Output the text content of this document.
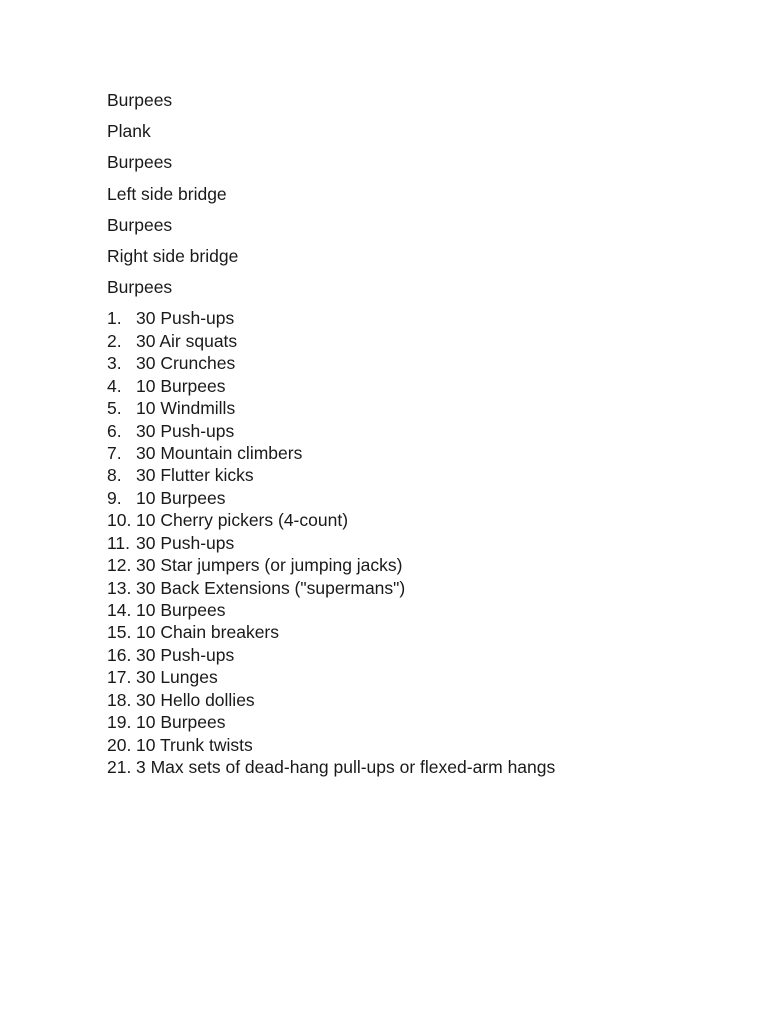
Burpees

Plank

Burpees

Left side bridge

Burpees

Right side bridge

Burpees

1. 30 Push-ups
2. 30 Air squats
3. 30 Crunches
4. 10 Burpees
5. 10 Windmills
6. 30 Push-ups
7. 30 Mountain climbers
8. 30 Flutter kicks
9. 10 Burpees
10. 10 Cherry pickers (4-count)
11. 30 Push-ups
12. 30 Star jumpers (or jumping jacks)
13. 30 Back Extensions ("supermans")
14. 10 Burpees
15. 10 Chain breakers
16. 30 Push-ups
17. 30 Lunges
18. 30 Hello dollies
19. 10 Burpees
20. 10 Trunk twists
21. 3 Max sets of dead-hang pull-ups or flexed-arm hangs
